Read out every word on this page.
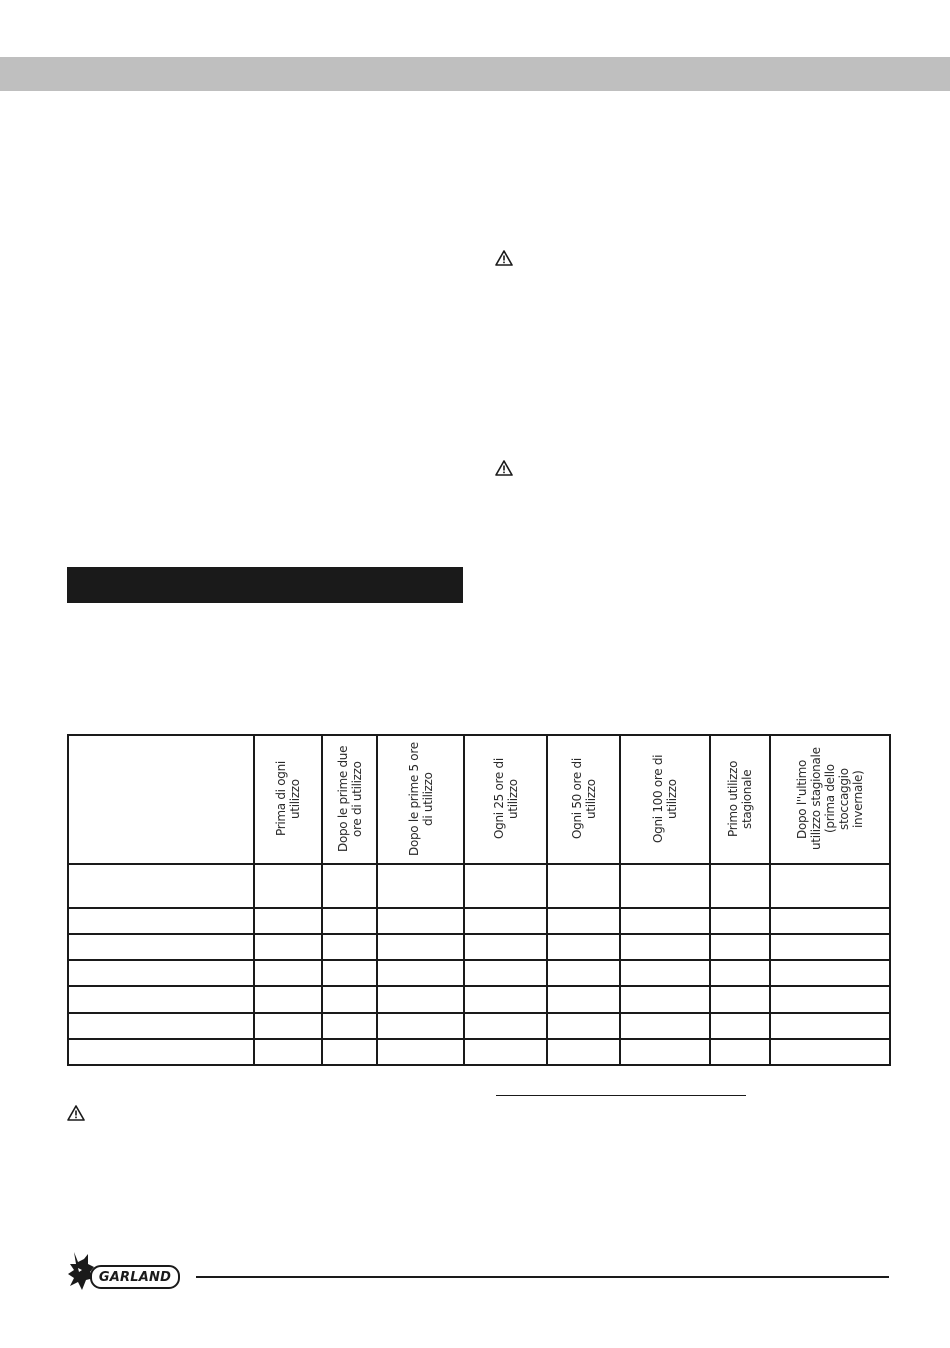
	Prima di ogni utilizzo	Dopo le prime due ore di utilizzo	Dopo le prime 5 ore di utilizzo	Ogni 25 ore di utilizzo	Ogni 50 ore di utilizzo	Ogni 100 ore di utilizzo	Primo utilizzo stagionale	Dopo l''ultimo utilizzo stagionale (prima dello stoccaggio invernale)

GARLAND
